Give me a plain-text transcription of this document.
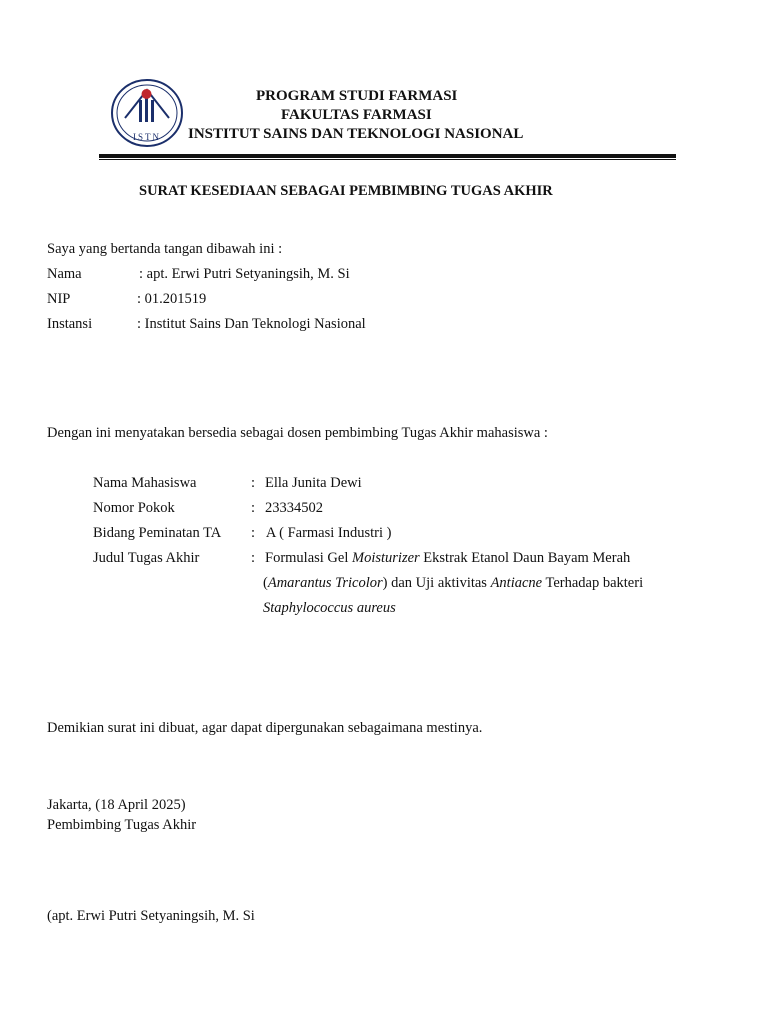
ISTN
PROGRAM STUDI FARMASI
FAKULTAS FARMASI
INSTITUT SAINS DAN TEKNOLOGI NASIONAL
SURAT KESEDIAAN SEBAGAI PEMBIMBING TUGAS AKHIR
Saya yang bertanda tangan dibawah ini :
Nama	: apt. Erwi Putri Setyaningsih, M. Si
NIP	: 01.201519
Instansi	: Institut Sains Dan Teknologi Nasional
Dengan ini menyatakan bersedia sebagai dosen pembimbing Tugas Akhir mahasiswa :
Nama Mahasiswa	: Ella Junita Dewi
Nomor Pokok	: 23334502
Bidang Peminatan TA : A ( Farmasi Industri )
Judul Tugas Akhir	: Formulasi Gel Moisturizer Ekstrak Etanol Daun Bayam Merah
(Amarantus Tricolor) dan Uji aktivitas Antiacne Terhadap bakteri
Staphylococcus aureus
Demikian surat ini dibuat, agar dapat dipergunakan sebagaimana mestinya.
Jakarta, (18 April 2025)
Pembimbing Tugas Akhir
(apt. Erwi Putri Setyaningsih, M. Si
